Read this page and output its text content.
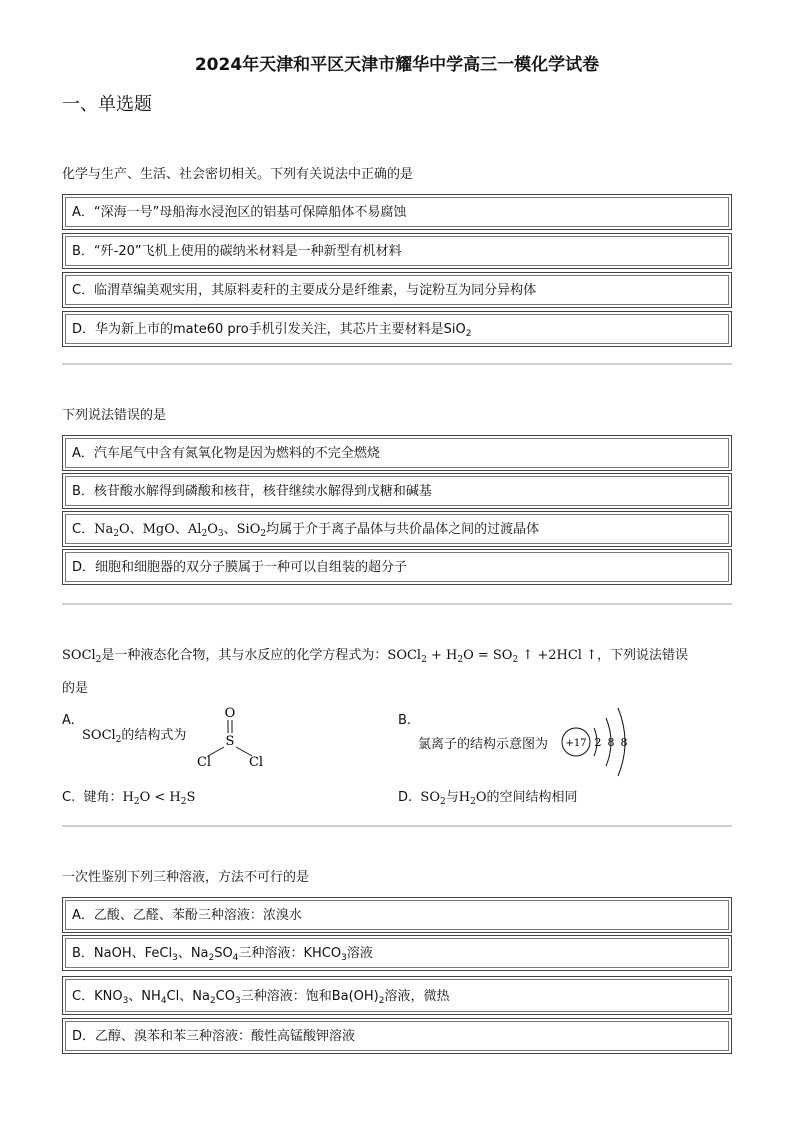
2024年天津和平区天津市耀华中学高三一模化学试卷
一、单选题
化学与生产、生活、社会密切相关。下列有关说法中正确的是
A．“深海一号”母船海水浸泡区的铝基可保障船体不易腐蚀
B．“歼-20”飞机上使用的碳纳米材料是一种新型有机材料
C．临渭草编美观实用，其原料麦秆的主要成分是纤维素，与淀粉互为同分异构体
D．华为新上市的mate60 pro手机引发关注，其芯片主要材料是SiO$_2$
下列说法错误的是
A．汽车尾气中含有氮氧化物是因为燃料的不完全燃烧
B．核苷酸水解得到磷酸和核苷，核苷继续水解得到戊糖和碱基
C．$Na_2O$、MgO、$Al_2O_3$、SiO$_2$均属于介于离子晶体与共价晶体之间的过渡晶体
D．细胞和细胞器的双分子膜属于一种可以自组装的超分子
SOCl$_2$是一种液态化合物，其与水反应的化学方程式为：SOCl$_2$ + $H_2O = SO_2$ ↑ +2HCl ↑，下列说法错误
的是
A.
SOCl$_2$的结构式为
O
S
Cl	Cl
B.
氯离子的结构示意图为 +17 2 8 8
C. 键角：$H_2O < H_2S$	D. $SO_2$与$H_2O$的空间结构相同
一次性鉴别下列三种溶液，方法不可行的是
A．乙酸、乙醛、苯酚三种溶液：浓溴水
B．NaOH、FeCl$_3$、$Na_2SO_4$三种溶液：$KHCO_3$溶液
C．$KNO_3$、$NH_4Cl$、$Na_2CO_3$三种溶液：饱和$Ba(OH)_2$溶液，微热
D．乙醇、溴苯和苯三种溶液：酸性高锰酸钾溶液
